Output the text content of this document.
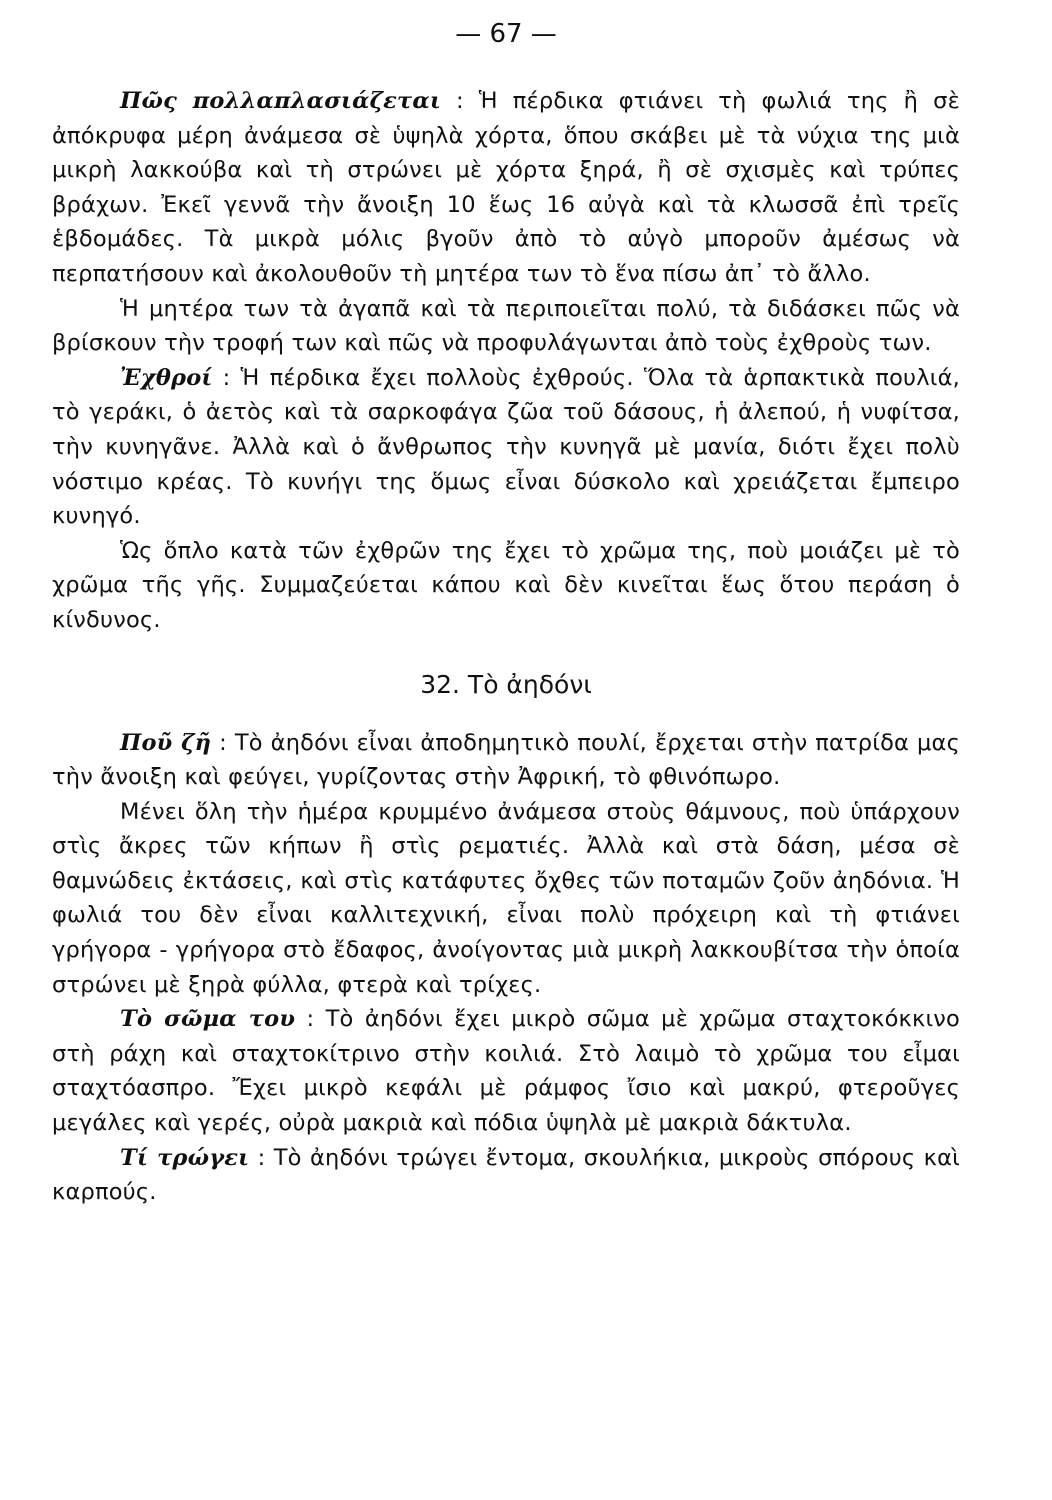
— 67 —

Πῶς πολλαπλασιάζεται : Ἡ πέρδικα φτιάνει τὴ φωλιά της ἢ σὲ ἀπόκρυφα μέρη ἀνάμεσα σὲ ὑψηλὰ χόρτα, ὅπου σκάβει μὲ τὰ νύχια της μιὰ μικρὴ λακκούβα καὶ τὴ στρώνει μὲ χόρτα ξηρά, ἢ σὲ σχισμὲς καὶ τρύπες βράχων. Ἐκεῖ γεννᾶ τὴν ἄνοιξη 10 ἕως 16 αὐγὰ καὶ τὰ κλωσσᾶ ἐπὶ τρεῖς ἑβδομάδες. Τὰ μικρὰ μόλις βγοῦν ἀπὸ τὸ αὐγὸ μποροῦν ἀμέσως νὰ περπατήσουν καὶ ἀκολουθοῦν τὴ μητέρα των τὸ ἕνα πίσω ἀπ᾽ τὸ ἄλλο.

Ἡ μητέρα των τὰ ἀγαπᾶ καὶ τὰ περιποιεῖται πολύ, τὰ διδάσκει πῶς νὰ βρίσκουν τὴν τροφή των καὶ πῶς νὰ προφυλάγωνται ἀπὸ τοὺς ἐχθροὺς των.

Ἐχθροί : Ἡ πέρδικα ἔχει πολλοὺς ἐχθρούς. Ὅλα τὰ ἁρπακτικὰ πουλιά, τὸ γεράκι, ὁ ἀετὸς καὶ τὰ σαρκοφάγα ζῶα τοῦ δάσους, ἡ ἀλεπού, ἡ νυφίτσα, τὴν κυνηγᾶνε. Ἀλλὰ καὶ ὁ ἄνθρωπος τὴν κυνηγᾶ μὲ μανία, διότι ἔχει πολὺ νόστιμο κρέας. Τὸ κυνήγι της ὅμως εἶναι δύσκολο καὶ χρειάζεται ἔμπειρο κυνηγό.

Ὡς ὅπλο κατὰ τῶν ἐχθρῶν της ἔχει τὸ χρῶμα της, ποὺ μοιάζει μὲ τὸ χρῶμα τῆς γῆς. Συμμαζεύεται κάπου καὶ δὲν κινεῖται ἕως ὅτου περάση ὁ κίνδυνος.

32. Τὸ ἀηδόνι

Ποῦ ζῆ : Τὸ ἀηδόνι εἶναι ἀποδημητικὸ πουλί, ἔρχεται στὴν πατρίδα μας τὴν ἄνοιξη καὶ φεύγει, γυρίζοντας στὴν Ἀφρική, τὸ φθινόπωρο.

Μένει ὅλη τὴν ἡμέρα κρυμμένο ἀνάμεσα στοὺς θάμνους, ποὺ ὑπάρχουν στὶς ἄκρες τῶν κήπων ἢ στὶς ρεματιές. Ἀλλὰ καὶ στὰ δάση, μέσα σὲ θαμνώδεις ἐκτάσεις, καὶ στὶς κατάφυτες ὄχθες τῶν ποταμῶν ζοῦν ἀηδόνια. Ἡ φωλιά του δὲν εἶναι καλλιτεχνική, εἶναι πολὺ πρόχειρη καὶ τὴ φτιάνει γρήγορα - γρήγορα στὸ ἔδαφος, ἀνοίγοντας μιὰ μικρὴ λακκουβίτσα τὴν ὁποία στρώνει μὲ ξηρὰ φύλλα, φτερὰ καὶ τρίχες.

Τὸ σῶμα του : Τὸ ἀηδόνι ἔχει μικρὸ σῶμα μὲ χρῶμα σταχτοκόκκινο στὴ ράχη καὶ σταχτοκίτρινο στὴν κοιλιά. Στὸ λαιμὸ τὸ χρῶμα του εἶμαι σταχτόασπρο. Ἔχει μικρὸ κεφάλι μὲ ράμφος ἴσιο καὶ μακρύ, φτεροῦγες μεγάλες καὶ γερές, οὐρὰ μακριὰ καὶ πόδια ὑψηλὰ μὲ μακριὰ δάκτυλα.

Τί τρώγει : Τὸ ἀηδόνι τρώγει ἔντομα, σκουλήκια, μικροὺς σπόρους καὶ καρπούς.
